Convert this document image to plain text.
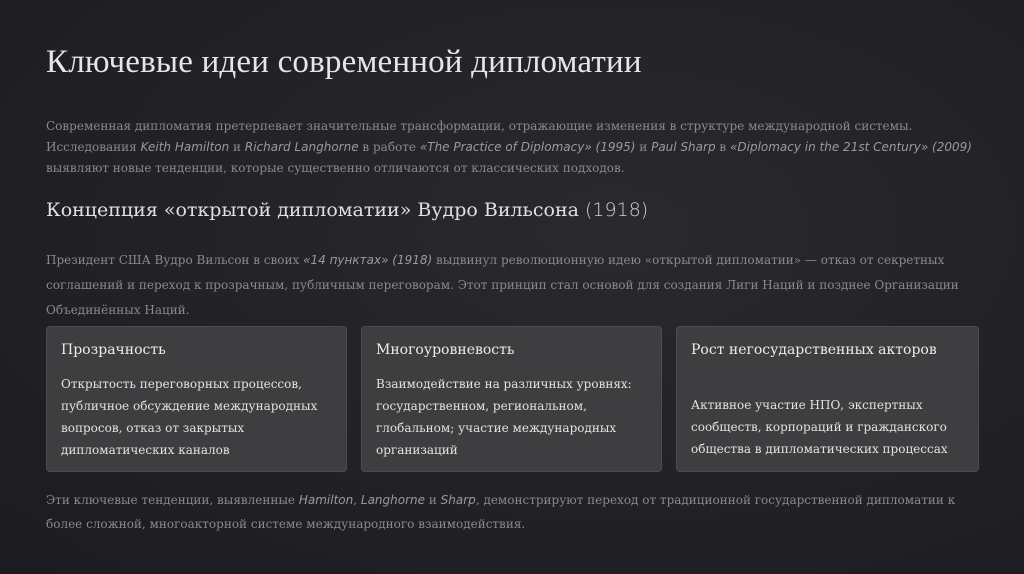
Ключевые идеи современной дипломатии
Современная дипломатия претерпевает значительные трансформации, отражающие изменения в структуре международной системы. Исследования Keith Hamilton и Richard Langhorne в работе «The Practice of Diplomacy» (1995) и Paul Sharp в «Diplomacy in the 21st Century» (2009) выявляют новые тенденции, которые существенно отличаются от классических подходов.
Концепция «открытой дипломатии» Вудро Вильсона (1918)
Президент США Вудро Вильсон в своих «14 пунктах» (1918) выдвинул революционную идею «открытой дипломатии» — отказ от секретных соглашений и переход к прозрачным, публичным переговорам. Этот принцип стал основой для создания Лиги Наций и позднее Организации Объединённых Наций.
Прозрачность
Открытость переговорных процессов, публичное обсуждение международных вопросов, отказ от закрытых дипломатических каналов
Многоуровневость
Взаимодействие на различных уровнях: государственном, региональном, глобальном; участие международных организаций
Рост негосударственных акторов
Активное участие НПО, экспертных сообществ, корпораций и гражданского общества в дипломатических процессах
Эти ключевые тенденции, выявленные Hamilton, Langhorne и Sharp, демонстрируют переход от традиционной государственной дипломатии к более сложной, многоакторной системе международного взаимодействия.
